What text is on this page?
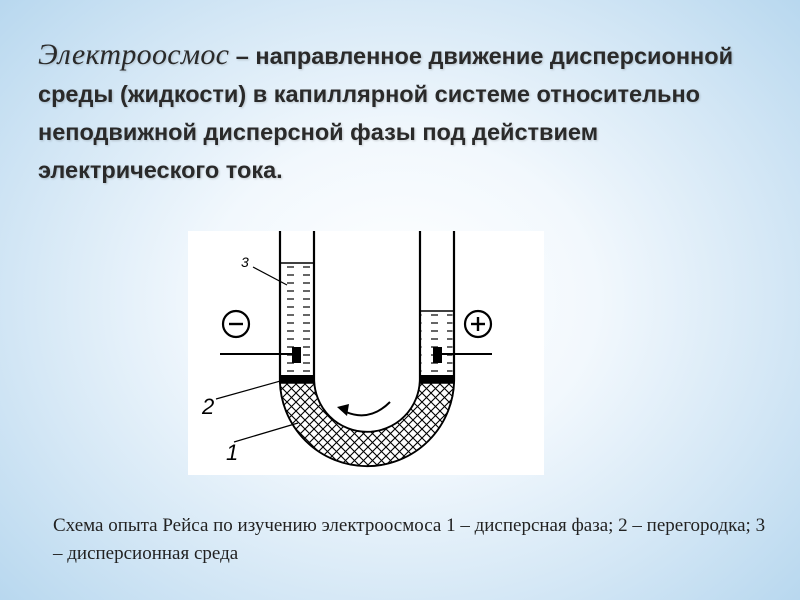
Электроосмос – направленное движение дисперсионной среды (жидкости) в капиллярной системе относительно неподвижной дисперсной фазы под действием электрического тока.
3
2
1
Схема опыта Рейса по изучению электроосмоса 1 – дисперсная фаза; 2 – перегородка; 3 – дисперсионная среда
